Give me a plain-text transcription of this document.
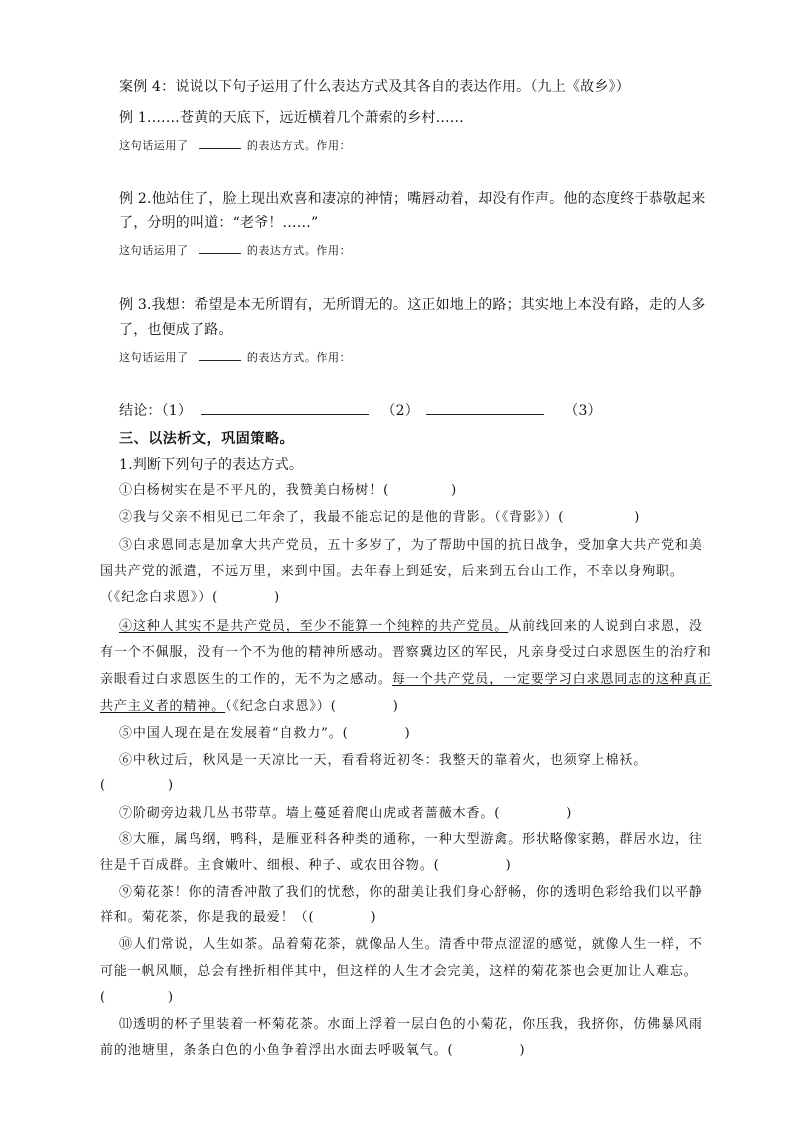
案例 4：说说以下句子运用了什么表达方式及其各自的表达作用。（九上《故乡》）
例 1.……苍黄的天底下，远近横着几个萧索的乡村……
这句话运用了	的表达方式。作用：
例 2.他站住了，脸上现出欢喜和凄凉的神情；嘴唇动着，却没有作声。他的态度终于恭敬起来
了，分明的叫道：“老爷！……”
这句话运用了	的表达方式。作用：
例 3.我想：希望是本无所谓有，无所谓无的。这正如地上的路；其实地上本没有路，走的人多
了，也便成了路。
这句话运用了	的表达方式。作用：
结论：（1）	（2）	（3）
三、以法析文，巩固策略。
1.判断下列句子的表达方式。
①白杨树实在是不平凡的，我赞美白杨树！(	)
②我与父亲不相见已二年余了，我最不能忘记的是他的背影。（《背影》）(	)
③白求恩同志是加拿大共产党员，五十多岁了，为了帮助中国的抗日战争，受加拿大共产党和美
国共产党的派遣，不远万里，来到中国。去年春上到延安，后来到五台山工作，不幸以身殉职。
（《纪念白求恩》）(	)
④这种人其实不是共产党员，至少不能算一个纯粹的共产党员。从前线回来的人说到白求恩，没
有一个不佩服，没有一个不为他的精神所感动。晋察冀边区的军民，凡亲身受过白求恩医生的治疗和
亲眼看过白求恩医生的工作的，无不为之感动。每一个共产党员，一定要学习白求恩同志的这种真正
共产主义者的精神。（《纪念白求恩》）(	)
⑤中国人现在是在发展着“自救力”。(	)
⑥中秋过后，秋风是一天凉比一天，看看将近初冬：我整天的靠着火，也须穿上棉袄。
(	)
⑦阶砌旁边栽几丛书带草。墙上蔓延着爬山虎或者蔷薇木香。(	)
⑧大雁，属鸟纲，鸭科，是雁亚科各种类的通称，一种大型游禽。形状略像家鹅，群居水边，往
往是千百成群。主食嫩叶、细根、种子、或农田谷物。(	)
⑨菊花茶！你的清香冲散了我们的忧愁，你的甜美让我们身心舒畅，你的透明色彩给我们以平静
祥和。菊花茶，你是我的最爱！（(	)
⑩人们常说，人生如茶。品着菊花茶，就像品人生。清香中带点涩涩的感觉，就像人生一样，不
可能一帆风顺，总会有挫折相伴其中，但这样的人生才会完美，这样的菊花茶也会更加让人难忘。
(	)
⑾透明的杯子里装着一杯菊花茶。水面上浮着一层白色的小菊花，你压我，我挤你，仿佛暴风雨
前的池塘里，条条白色的小鱼争着浮出水面去呼吸氧气。(	)
